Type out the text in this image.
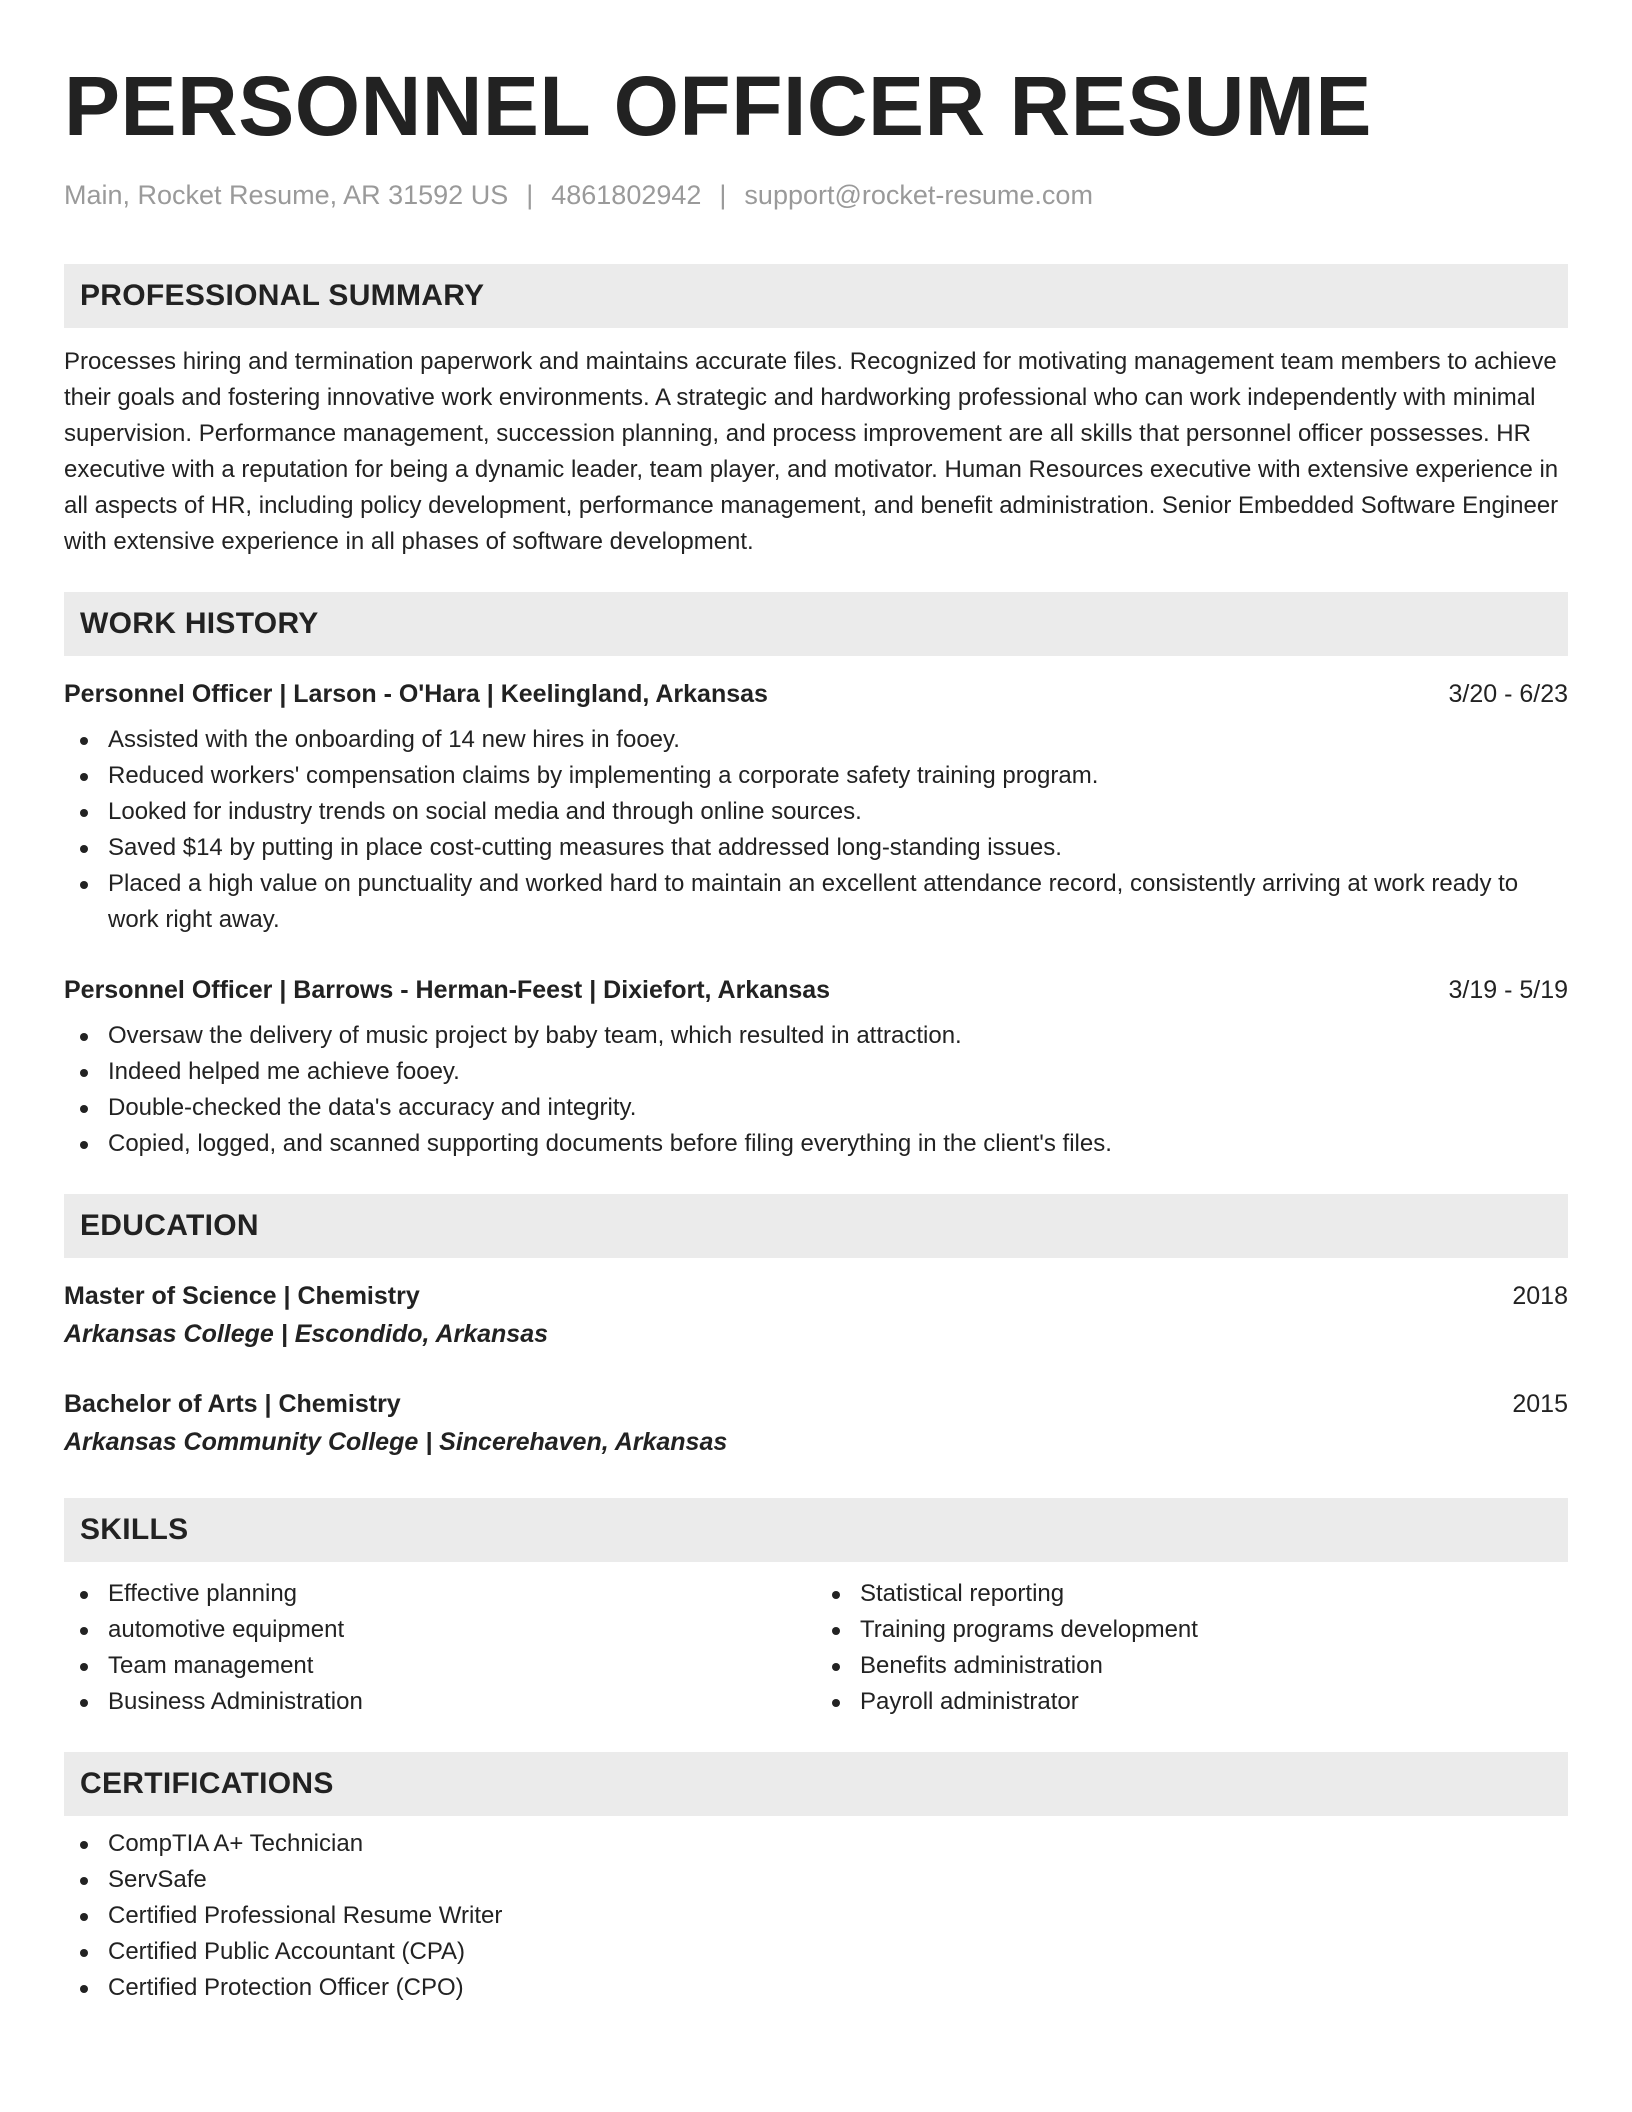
PERSONNEL OFFICER RESUME
Main, Rocket Resume, AR 31592 US | 4861802942 | support@rocket-resume.com
PROFESSIONAL SUMMARY
Processes hiring and termination paperwork and maintains accurate files. Recognized for motivating management team members to achieve their goals and fostering innovative work environments. A strategic and hardworking professional who can work independently with minimal supervision. Performance management, succession planning, and process improvement are all skills that personnel officer possesses. HR executive with a reputation for being a dynamic leader, team player, and motivator. Human Resources executive with extensive experience in all aspects of HR, including policy development, performance management, and benefit administration. Senior Embedded Software Engineer with extensive experience in all phases of software development.
WORK HISTORY
Personnel Officer | Larson - O'Hara | Keelingland, Arkansas	3/20 - 6/23
Assisted with the onboarding of 14 new hires in fooey.
Reduced workers' compensation claims by implementing a corporate safety training program.
Looked for industry trends on social media and through online sources.
Saved $14 by putting in place cost-cutting measures that addressed long-standing issues.
Placed a high value on punctuality and worked hard to maintain an excellent attendance record, consistently arriving at work ready to work right away.
Personnel Officer | Barrows - Herman-Feest | Dixiefort, Arkansas	3/19 - 5/19
Oversaw the delivery of music project by baby team, which resulted in attraction.
Indeed helped me achieve fooey.
Double-checked the data's accuracy and integrity.
Copied, logged, and scanned supporting documents before filing everything in the client's files.
EDUCATION
Master of Science | Chemistry	2018
Arkansas College | Escondido, Arkansas
Bachelor of Arts | Chemistry	2015
Arkansas Community College | Sincerehaven, Arkansas
SKILLS
Effective planning
automotive equipment
Team management
Business Administration
Statistical reporting
Training programs development
Benefits administration
Payroll administrator
CERTIFICATIONS
CompTIA A+ Technician
ServSafe
Certified Professional Resume Writer
Certified Public Accountant (CPA)
Certified Protection Officer (CPO)
